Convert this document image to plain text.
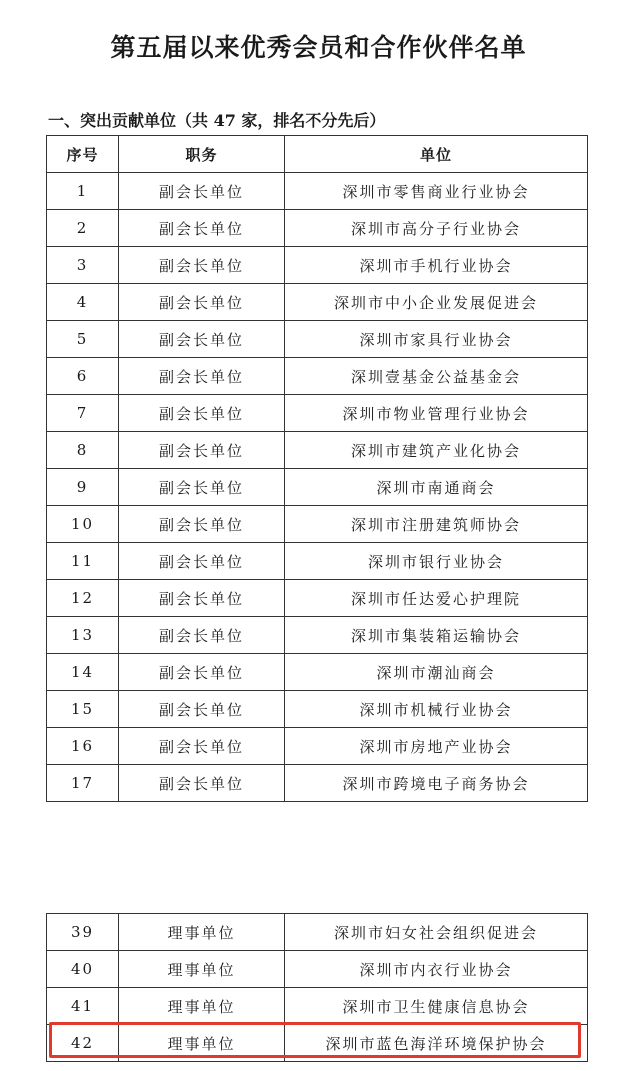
第五届以来优秀会员和合作伙伴名单
一、突出贡献单位（共 47 家，排名不分先后）
序号	职务	单位
1	副会长单位	深圳市零售商业行业协会
2	副会长单位	深圳市高分子行业协会
3	副会长单位	深圳市手机行业协会
4	副会长单位	深圳市中小企业发展促进会
5	副会长单位	深圳市家具行业协会
6	副会长单位	深圳壹基金公益基金会
7	副会长单位	深圳市物业管理行业协会
8	副会长单位	深圳市建筑产业化协会
9	副会长单位	深圳市南通商会
10	副会长单位	深圳市注册建筑师协会
11	副会长单位	深圳市银行业协会
12	副会长单位	深圳市任达爱心护理院
13	副会长单位	深圳市集装箱运输协会
14	副会长单位	深圳市潮汕商会
15	副会长单位	深圳市机械行业协会
16	副会长单位	深圳市房地产业协会
17	副会长单位	深圳市跨境电子商务协会
39	理事单位	深圳市妇女社会组织促进会
40	理事单位	深圳市内衣行业协会
41	理事单位	深圳市卫生健康信息协会
42	理事单位	深圳市蓝色海洋环境保护协会
